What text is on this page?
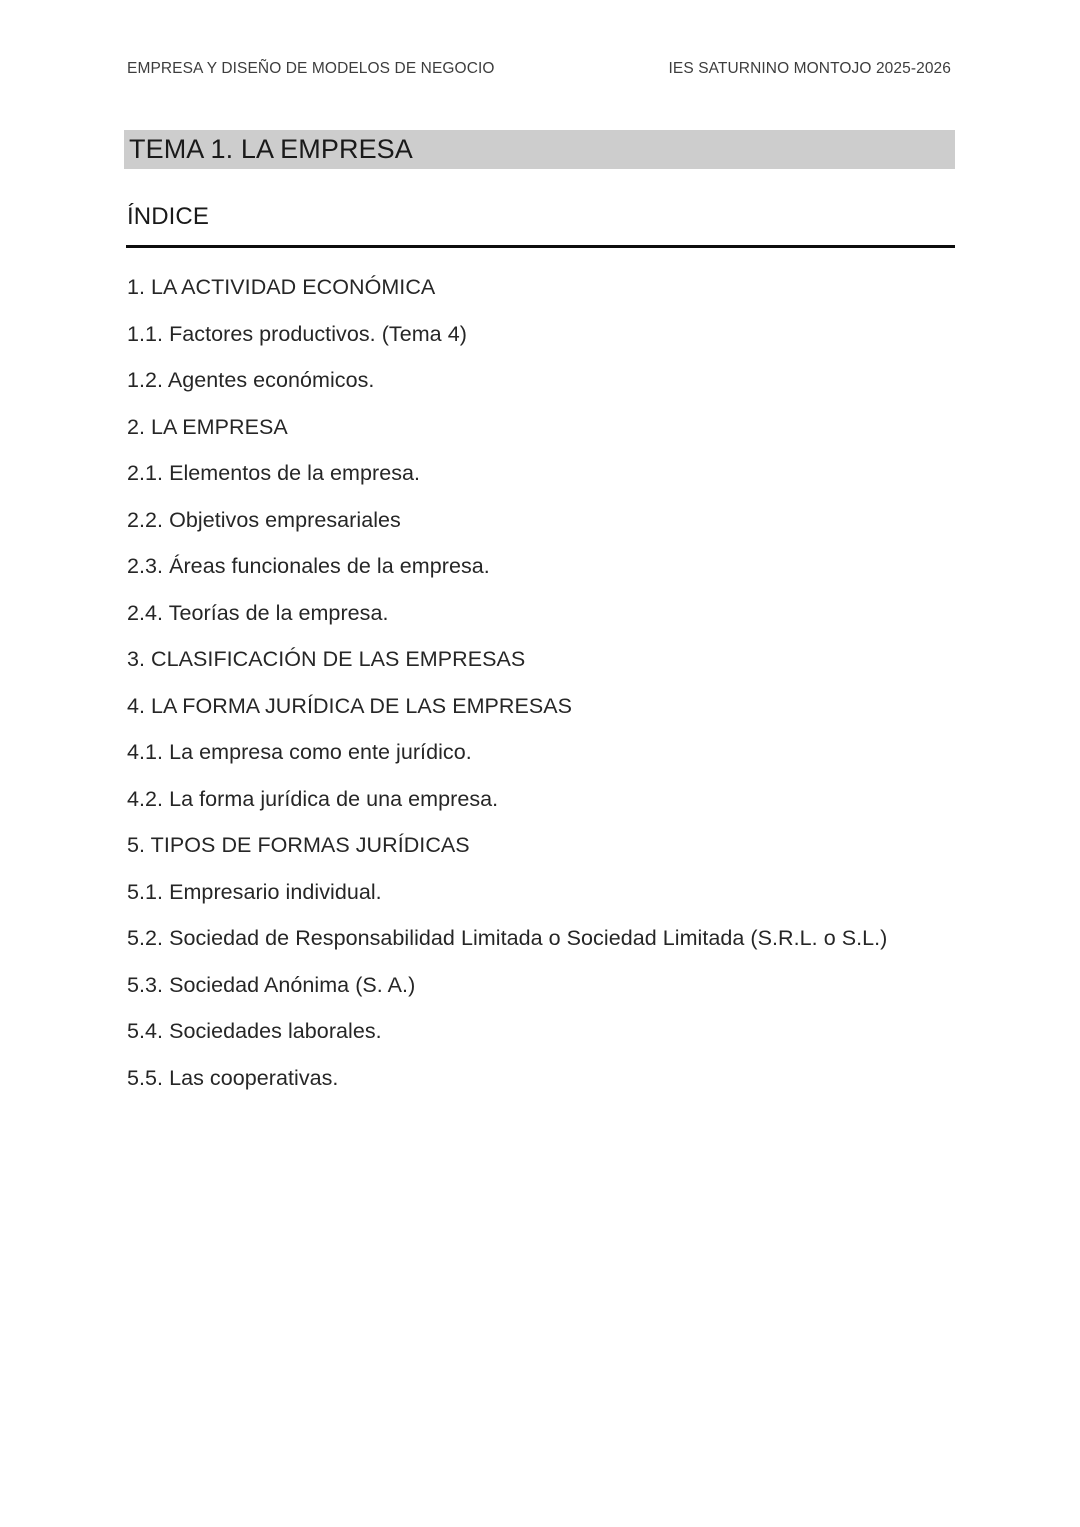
EMPRESA Y DISEÑO DE MODELOS DE NEGOCIO	IES SATURNINO MONTOJO 2025-2026
TEMA 1. LA EMPRESA
ÍNDICE
1. LA ACTIVIDAD ECONÓMICA
1.1. Factores productivos. (Tema 4)
1.2. Agentes económicos.
2. LA EMPRESA
2.1. Elementos de la empresa.
2.2. Objetivos empresariales
2.3. Áreas funcionales de la empresa.
2.4. Teorías de la empresa.
3. CLASIFICACIÓN DE LAS EMPRESAS
4. LA FORMA JURÍDICA DE LAS EMPRESAS
4.1. La empresa como ente jurídico.
4.2. La forma jurídica de una empresa.
5. TIPOS DE FORMAS JURÍDICAS
5.1. Empresario individual.
5.2. Sociedad de Responsabilidad Limitada o Sociedad Limitada (S.R.L. o S.L.)
5.3. Sociedad Anónima (S. A.)
5.4. Sociedades laborales.
5.5. Las cooperativas.
